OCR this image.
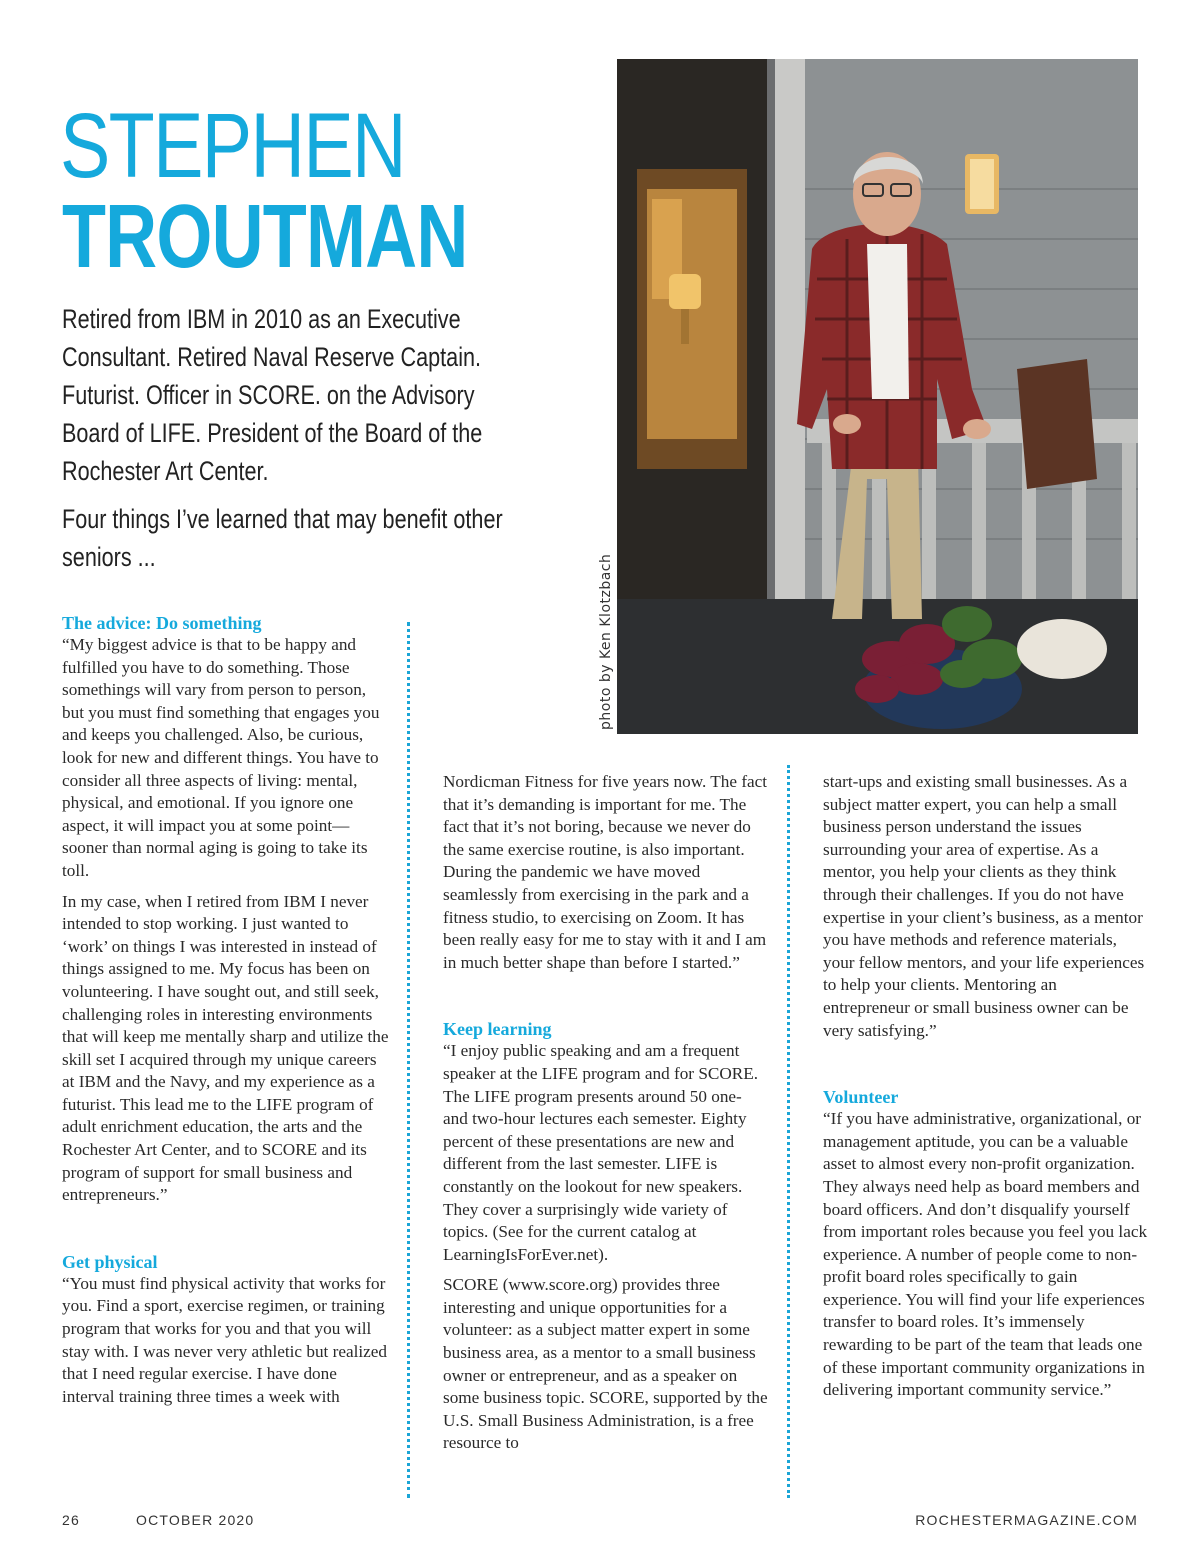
STEPHEN
TROUTMAN

Retired from IBM in 2010 as an Executive Consultant. Retired Naval Reserve Captain. Futurist. Officer in SCORE. on the Advisory Board of LIFE. President of the Board of the Rochester Art Center.

Four things I’ve learned that may benefit other seniors ...	photo by Ken Klotzbach
The advice: Do something

“My biggest advice is that to be happy and fulfilled you have to do something. Those somethings will vary from person to person, but you must find something that engages you and keeps you challenged. Also, be curious, look for new and different things. You have to consider all three aspects of living: mental, physical, and emotional. If you ignore one aspect, it will impact you at some point—sooner than normal aging is going to take its toll.

In my case, when I retired from IBM I never intended to stop working. I just wanted to ‘work’ on things I was interested in instead of things assigned to me. My focus has been on volunteering. I have sought out, and still seek, challenging roles in interesting environments that will keep me mentally sharp and utilize the skill set I acquired through my unique careers at IBM and the Navy, and my experience as a futurist. This lead me to the LIFE program of adult enrichment education, the arts and the Rochester Art Center, and to SCORE and its program of support for small business and entrepreneurs.”

Get physical

“You must find physical activity that works for you. Find a sport, exercise regimen, or training program that works for you and that you will stay with. I was never very athletic but realized that I need regular exercise. I have done interval training three times a week with

Nordicman Fitness for five years now. The fact that it’s demanding is important for me. The fact that it’s not boring, because we never do the same exercise routine, is also important. During the pandemic we have moved seamlessly from exercising in the park and a fitness studio, to exercising on Zoom. It has been really easy for me to stay with it and I am in much better shape than before I started.”

Keep learning

“I enjoy public speaking and am a frequent speaker at the LIFE program and for SCORE. The LIFE program presents around 50 one- and two-hour lectures each semester. Eighty percent of these presentations are new and different from the last semester. LIFE is constantly on the lookout for new speakers. They cover a surprisingly wide variety of topics. (See for the current catalog at LearningIsForEver.net).

SCORE (www.score.org) provides three interesting and unique opportunities for a volunteer: as a subject matter expert in some business area, as a mentor to a small business owner or entrepreneur, and as a speaker on some business topic. SCORE, supported by the U.S. Small Business Administration, is a free resource to

start-ups and existing small businesses. As a subject matter expert, you can help a small business person understand the issues surrounding your area of expertise. As a mentor, you help your clients as they think through their challenges. If you do not have expertise in your client’s business, as a mentor you have methods and reference materials, your fellow mentors, and your life experiences to help your clients. Mentoring an entrepreneur or small business owner can be very satisfying.”

Volunteer

“If you have administrative, organizational, or management aptitude, you can be a valuable asset to almost every non-profit organization. They always need help as board members and board officers. And don’t disqualify yourself from important roles because you feel you lack experience. A number of people come to non-profit board roles specifically to gain experience. You will find your life experiences transfer to board roles. It’s immensely rewarding to be part of the team that leads one of these important community organizations in delivering important community service.”

26	OCTOBER 2020	ROCHESTERMAGAZINE.COM
